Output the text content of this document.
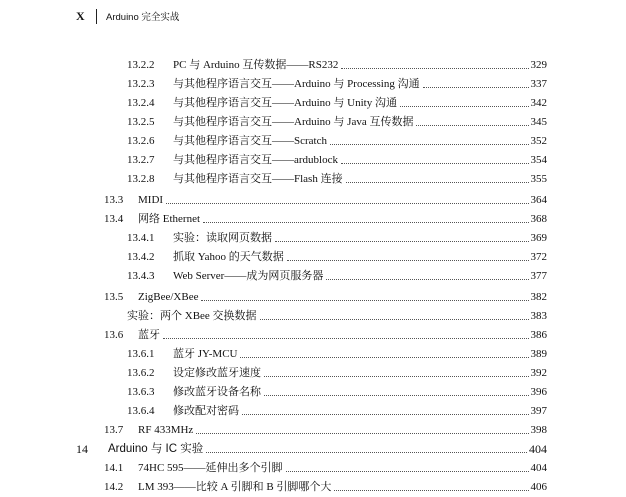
X	Arduino 完全实战
13.2.2	PC 与 Arduino 互传数据——RS232	329
13.2.3	与其他程序语言交互——Arduino 与 Processing 沟通	337
13.2.4	与其他程序语言交互——Arduino 与 Unity 沟通	342
13.2.5	与其他程序语言交互——Arduino 与 Java 互传数据	345
13.2.6	与其他程序语言交互——Scratch	352
13.2.7	与其他程序语言交互——ardublock	354
13.2.8	与其他程序语言交互——Flash 连接	355
13.3	MIDI	364
13.4	网络 Ethernet	368
13.4.1	实验：读取网页数据	369
13.4.2	抓取 Yahoo 的天气数据	372
13.4.3	Web Server——成为网页服务器	377
13.5	ZigBee/XBee	382
实验：两个 XBee 交换数据	383
13.6	蓝牙	386
13.6.1	蓝牙 JY-MCU	389
13.6.2	设定修改蓝牙速度	392
13.6.3	修改蓝牙设备名称	396
13.6.4	修改配对密码	397
13.7	RF 433MHz	398
14	Arduino 与 IC 实验	404
14.1	74HC 595——延伸出多个引脚	404
14.2	LM 393——比较 A 引脚和 B 引脚哪个大	406
